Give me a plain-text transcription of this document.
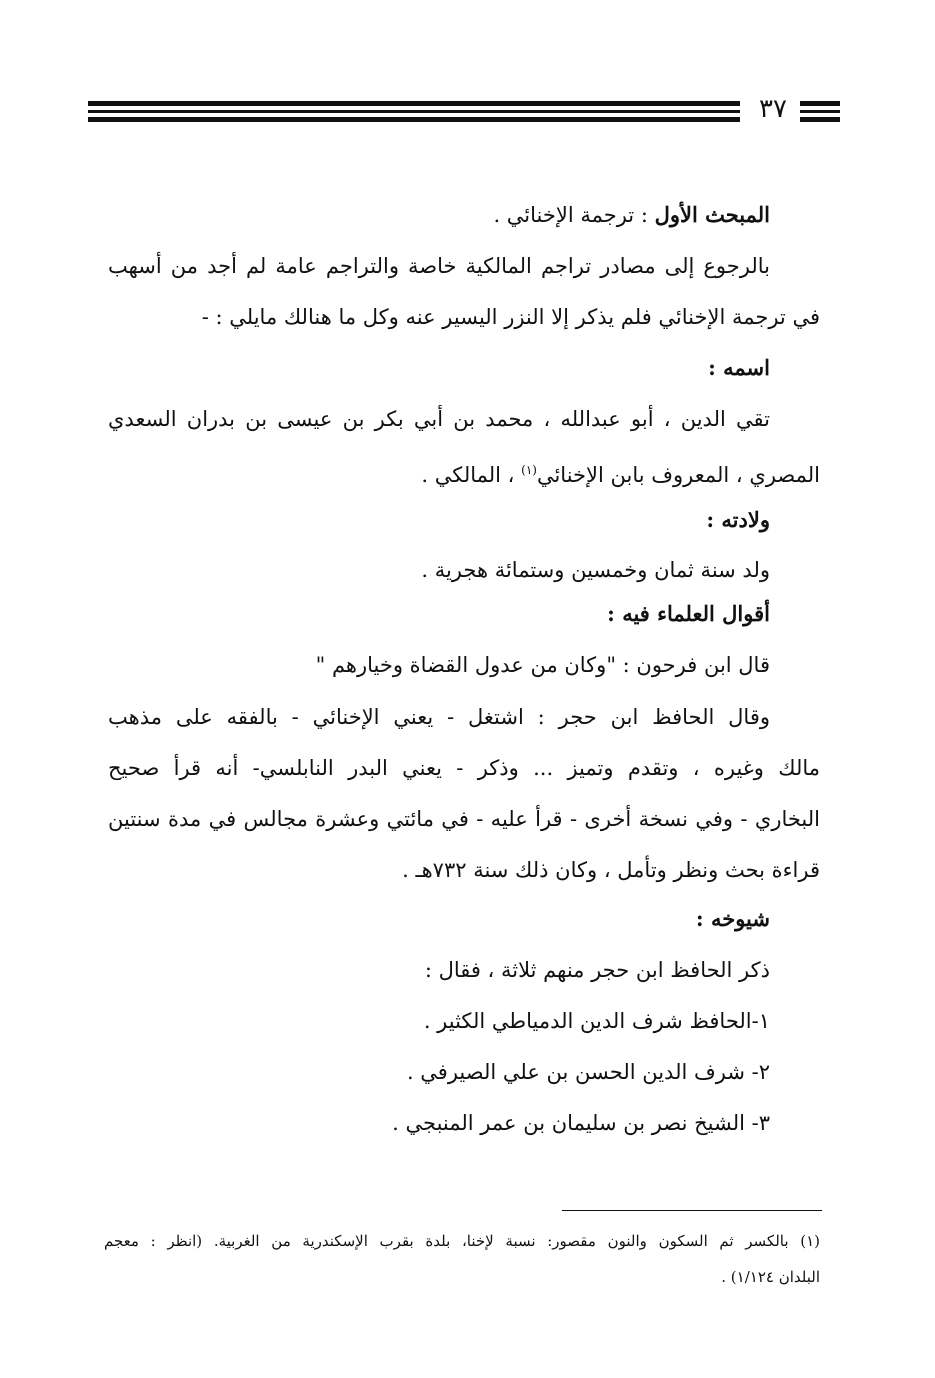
٣٧
المبحث الأول : ترجمة الإخنائي .
بالرجوع إلى مصادر تراجم المالكية خاصة والتراجم عامة لم أجد من أسهب
في ترجمة الإخنائي فلم يذكر إلا النزر اليسير عنه وكل ما هنالك مايلي : -
اسمه :
تقي الدين ، أبو عبدالله ، محمد بن أبي بكر بن عيسى بن بدران السعدي
المصري ، المعروف بابن الإخنائي$^{(١)}$ ، المالكي .
ولادته :
ولد سنة ثمان وخمسين وستمائة هجرية .
أقوال العلماء فيه :
قال ابن فرحون : "وكان من عدول القضاة وخيارهم "
وقال الحافظ ابن حجر : اشتغل - يعني الإخنائي - بالفقه على مذهب
مالك وغيره ، وتقدم وتميز ... وذكر - يعني البدر النابلسي- أنه قرأ صحيح
البخاري - وفي نسخة أخرى - قرأ عليه - في مائتي وعشرة مجالس في مدة سنتين
قراءة بحث ونظر وتأمل ، وكان ذلك سنة ٧٣٢هـ .
شيوخه :
ذكر الحافظ ابن حجر منهم ثلاثة ، فقال :
١-الحافظ شرف الدين الدمياطي الكثير .
٢- شرف الدين الحسن بن علي الصيرفي .
٣- الشيخ نصر بن سليمان بن عمر المنبجي .
(١) بالكسر ثم السكون والنون مقصور: نسبة لإخنا، بلدة بقرب الإسكندرية من الغربية. (انظر : معجم
البلدان ١/١٢٤) .
